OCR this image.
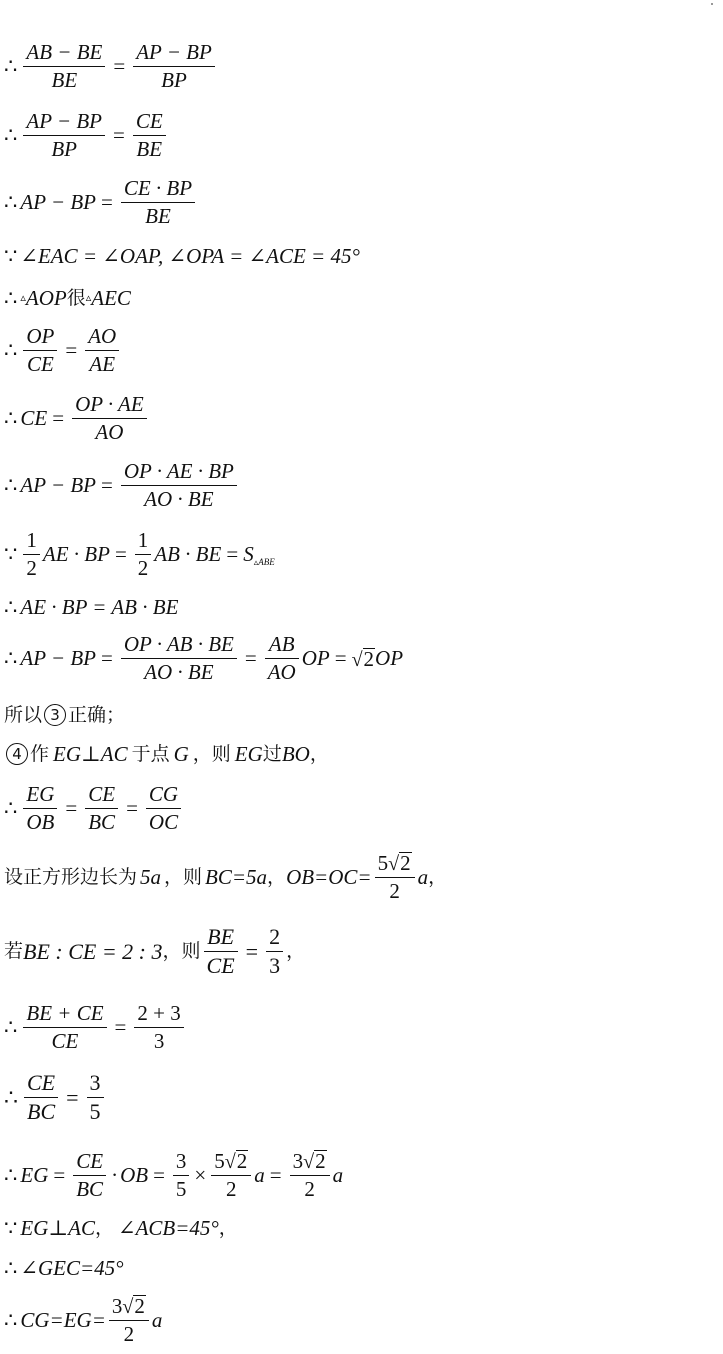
∴ $\frac{AB - BE}{BE} = \frac{AP - BP}{BP}$
∴ $\frac{AP - BP}{BP} = \frac{CE}{BE}$
∴ AP − BP = $\frac{CE \cdot BP}{BE}$
∵ ∠EAC = ∠OAP, ∠OPA = ∠ACE = 45°
∴ ▵ AOP 很 ▵ AEC
∴ $\frac{OP}{CE} = \frac{AO}{AE}$
∴ CE = $\frac{OP \cdot AE}{AO}$
∴ AP − BP = $\frac{OP \cdot AE \cdot BP}{AO \cdot BE}$
∵ $\frac{1}{2}$ AE · BP = $\frac{1}{2}$ AB · BE = S ▵ABE
∴ AE · BP = AB · BE
∴ AP − BP = $\frac{OP \cdot AB \cdot BE}{AO \cdot BE} = \frac{AB}{AO}$ OP = √ 2 OP
所以 3 正确；
4 作 EG⊥AC 于点 G ，则 EG 过 BO ，
∴ $\frac{EG}{OB} = \frac{CE}{BC} = \frac{CG}{OC}$
设正方形边长为 5a ，则 BC=5a ， $OB=OC= \frac{5 √ 2}{2}$ a ，
若 BE : CE = 2 : 3 ，则 $\frac{BE}{CE} = \frac{2}{3}$ ，
∴ $\frac{BE + CE}{CE} = \frac{2 + 3}{3}$
∴ $\frac{CE}{BC} = \frac{3}{5}$
∴ EG = $\frac{CE}{BC}$ · OB = $\frac{3}{5} \times \frac{5 √ 2}{2}$ $a = \frac{3 √ 2}{2}$ a
∵ EG⊥AC ， ∠ACB=45° ，
∴ ∠GEC=45°
∴ $CG=EG= \frac{3 √ 2}{2}$ a
